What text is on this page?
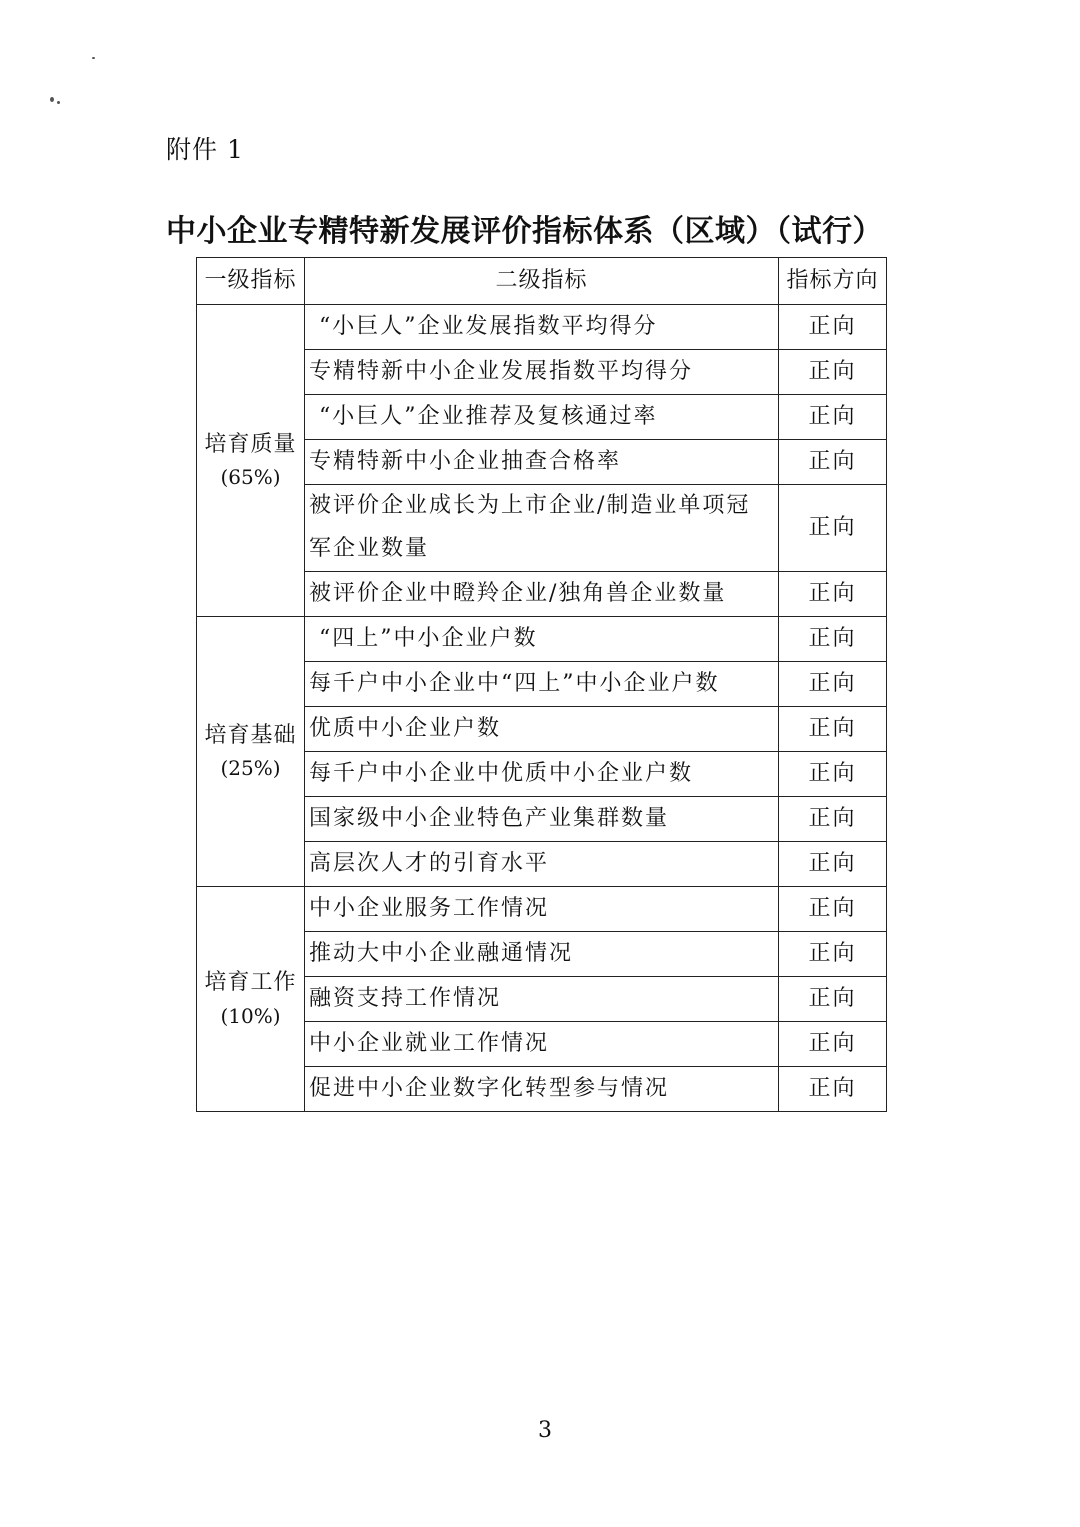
附件 1
中小企业专精特新发展评价指标体系（区域）（试行）
一级指标	二级指标	指标方向
培育质量
(65%)	“小巨人”企业发展指数平均得分	正向
	专精特新中小企业发展指数平均得分	正向
	“小巨人”企业推荐及复核通过率	正向
	专精特新中小企业抽查合格率	正向
	被评价企业成长为上市企业/制造业单项冠军企业数量	正向
	被评价企业中瞪羚企业/独角兽企业数量	正向
培育基础
(25%)	“四上”中小企业户数	正向
	每千户中小企业中“四上”中小企业户数	正向
	优质中小企业户数	正向
	每千户中小企业中优质中小企业户数	正向
	国家级中小企业特色产业集群数量	正向
	高层次人才的引育水平	正向
培育工作
(10%)	中小企业服务工作情况	正向
	推动大中小企业融通情况	正向
	融资支持工作情况	正向
	中小企业就业工作情况	正向
	促进中小企业数字化转型参与情况	正向
3
